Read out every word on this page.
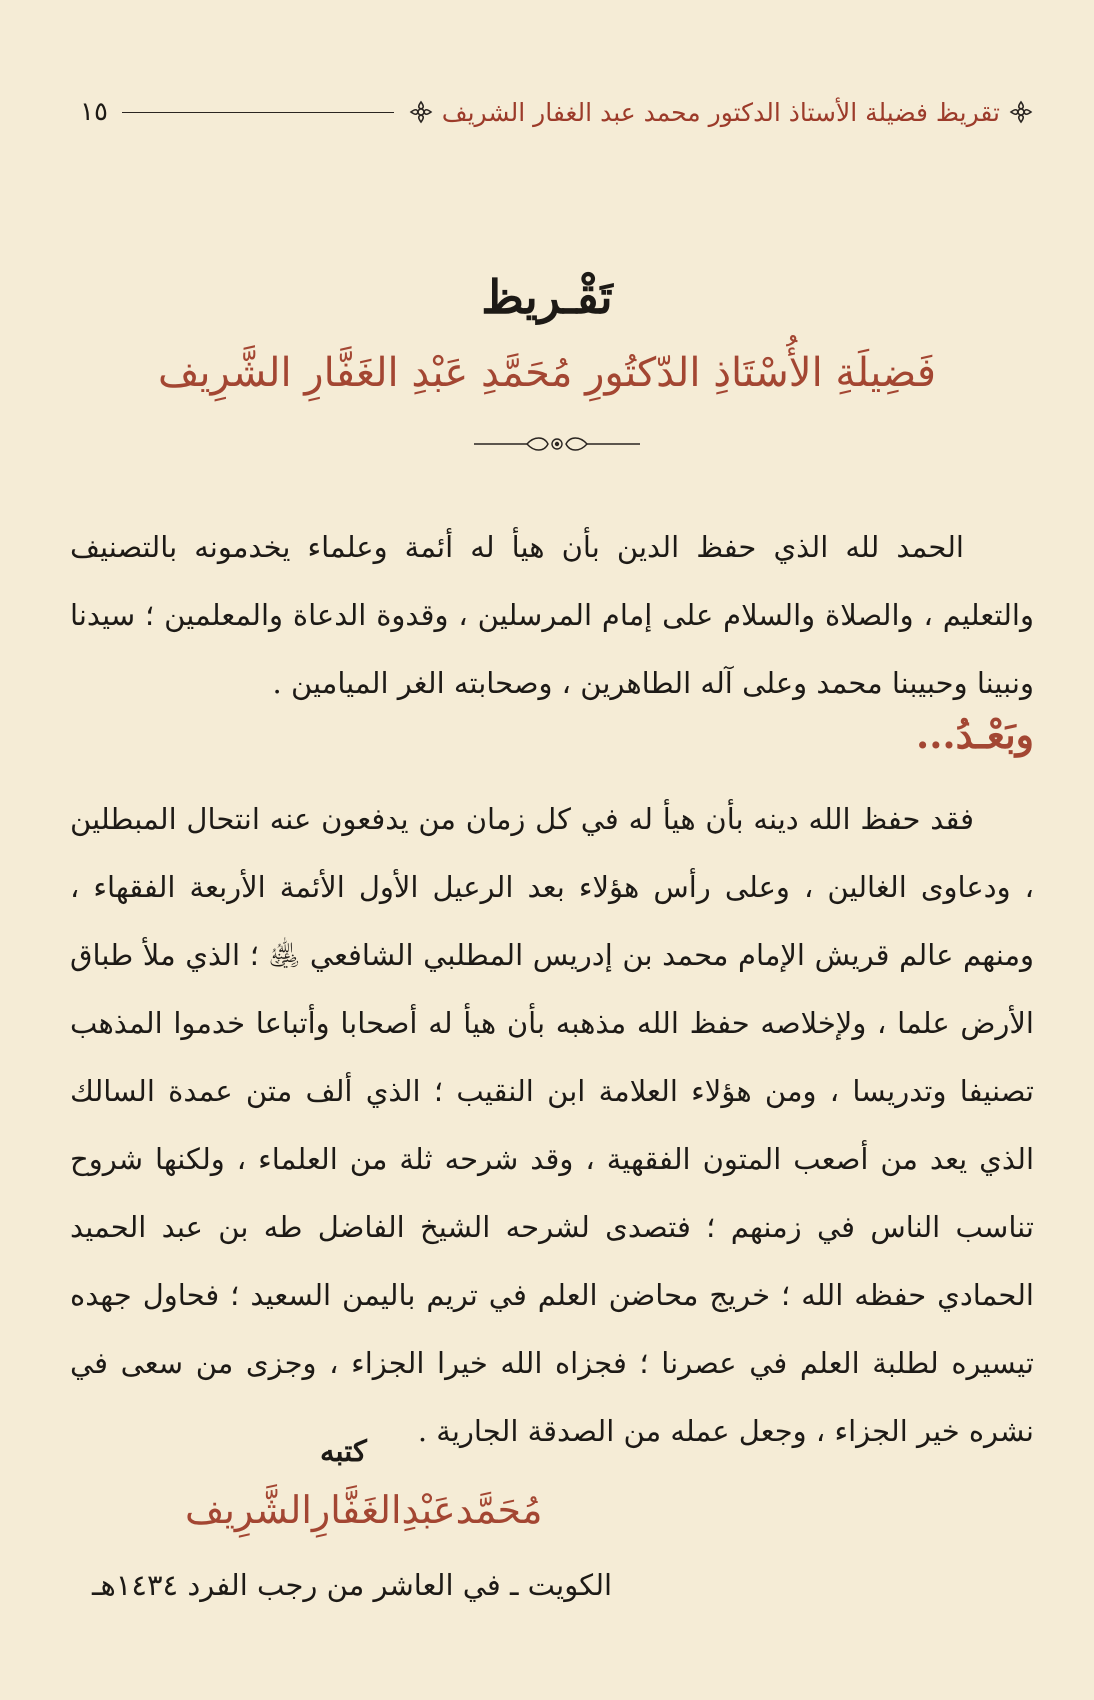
تقريظ فضيلة الأستاذ الدكتور محمد عبد الغفار الشريف
١٥
تَقْـريظ
فَضِيلَةِ الأُسْتَاذِ الدّكتُورِ مُحَمَّدِ عَبْدِ الغَفَّارِ الشَّرِيف

الحمد لله الذي حفظ الدين بأن هيأ له أئمة وعلماء يخدمونه بالتصنيف والتعليم ، والصلاة والسلام على إمام المرسلين ، وقدوة الدعاة والمعلمين ؛ سيدنا ونبينا وحبيبنا محمد وعلى آله الطاهرين ، وصحابته الغر الميامين .

وبَعْـدُ...

فقد حفظ الله دينه بأن هيأ له في كل زمان من يدفعون عنه انتحال المبطلين ، ودعاوى الغالين ، وعلى رأس هؤلاء بعد الرعيل الأول الأئمة الأربعة الفقهاء ، ومنهم عالم قريش الإمام محمد بن إدريس المطلبي الشافعي ﵁ ؛ الذي ملأ طباق الأرض علما ، ولإخلاصه حفظ الله مذهبه بأن هيأ له أصحابا وأتباعا خدموا المذهب تصنيفا وتدريسا ، ومن هؤلاء العلامة ابن النقيب ؛ الذي ألف متن عمدة السالك الذي يعد من أصعب المتون الفقهية ، وقد شرحه ثلة من العلماء ، ولكنها شروح تناسب الناس في زمنهم ؛ فتصدى لشرحه الشيخ الفاضل طه بن عبد الحميد الحمادي حفظه الله ؛ خريج محاضن العلم في تريم باليمن السعيد ؛ فحاول جهده تيسيره لطلبة العلم في عصرنا ؛ فجزاه الله خيرا الجزاء ، وجزى من سعى في نشره خير الجزاء ، وجعل عمله من الصدقة الجارية .

كتبه
مُحَمَّدعَبْدِالغَفَّارِالشَّرِيف
الكويت ـ في العاشر من رجب الفرد ١٤٣٤هـ
